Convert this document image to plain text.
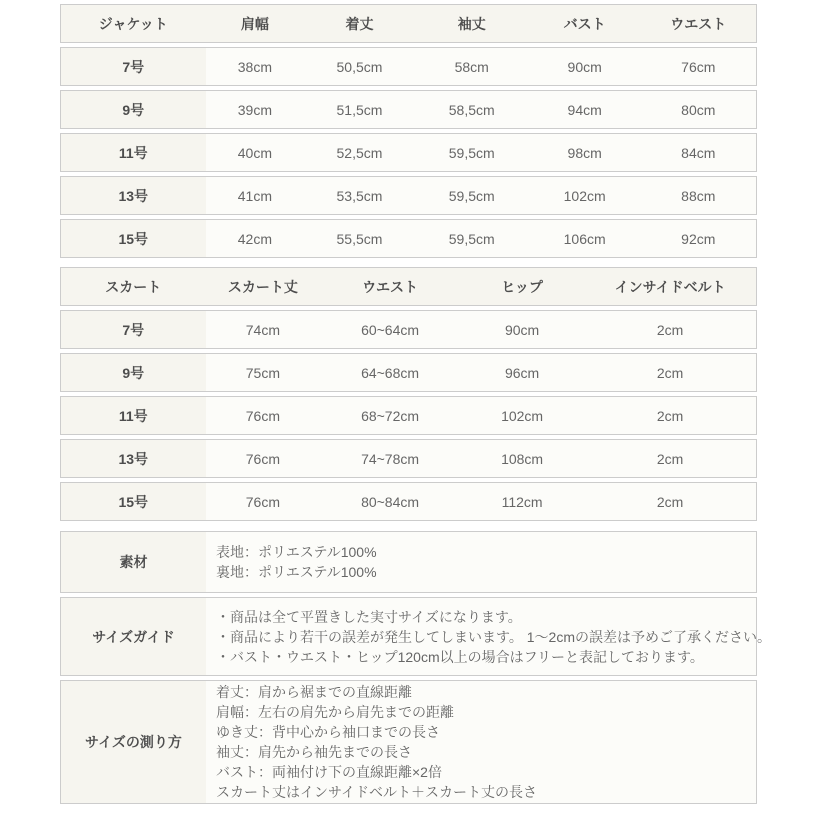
ジャケット	肩幅	着丈	袖丈	バスト	ウエスト
7号	38cm	50,5cm	58cm	90cm	76cm
9号	39cm	51,5cm	58,5cm	94cm	80cm
11号	40cm	52,5cm	59,5cm	98cm	84cm
13号	41cm	53,5cm	59,5cm	102cm	88cm
15号	42cm	55,5cm	59,5cm	106cm	92cm
スカート	スカート丈	ウエスト	ヒップ	インサイドベルト
7号	74cm	60~64cm	90cm	2cm
9号	75cm	64~68cm	96cm	2cm
11号	76cm	68~72cm	102cm	2cm
13号	76cm	74~78cm	108cm	2cm
15号	76cm	80~84cm	112cm	2cm
素材
表地：ポリエステル100%
裏地：ポリエステル100%
サイズガイド
・商品は全て平置きした実寸サイズになります。
・商品により若干の誤差が発生してしまいます。 1～2cmの誤差は予めご了承ください。
・バスト・ウエスト・ヒップ120cm以上の場合はフリーと表記しております。
サイズの測り方
着丈：肩から裾までの直線距離
肩幅：左右の肩先から肩先までの距離
ゆき丈：背中心から袖口までの長さ
袖丈：肩先から袖先までの長さ
バスト：両袖付け下の直線距離×2倍
スカート丈はインサイドベルト＋スカート丈の長さ
